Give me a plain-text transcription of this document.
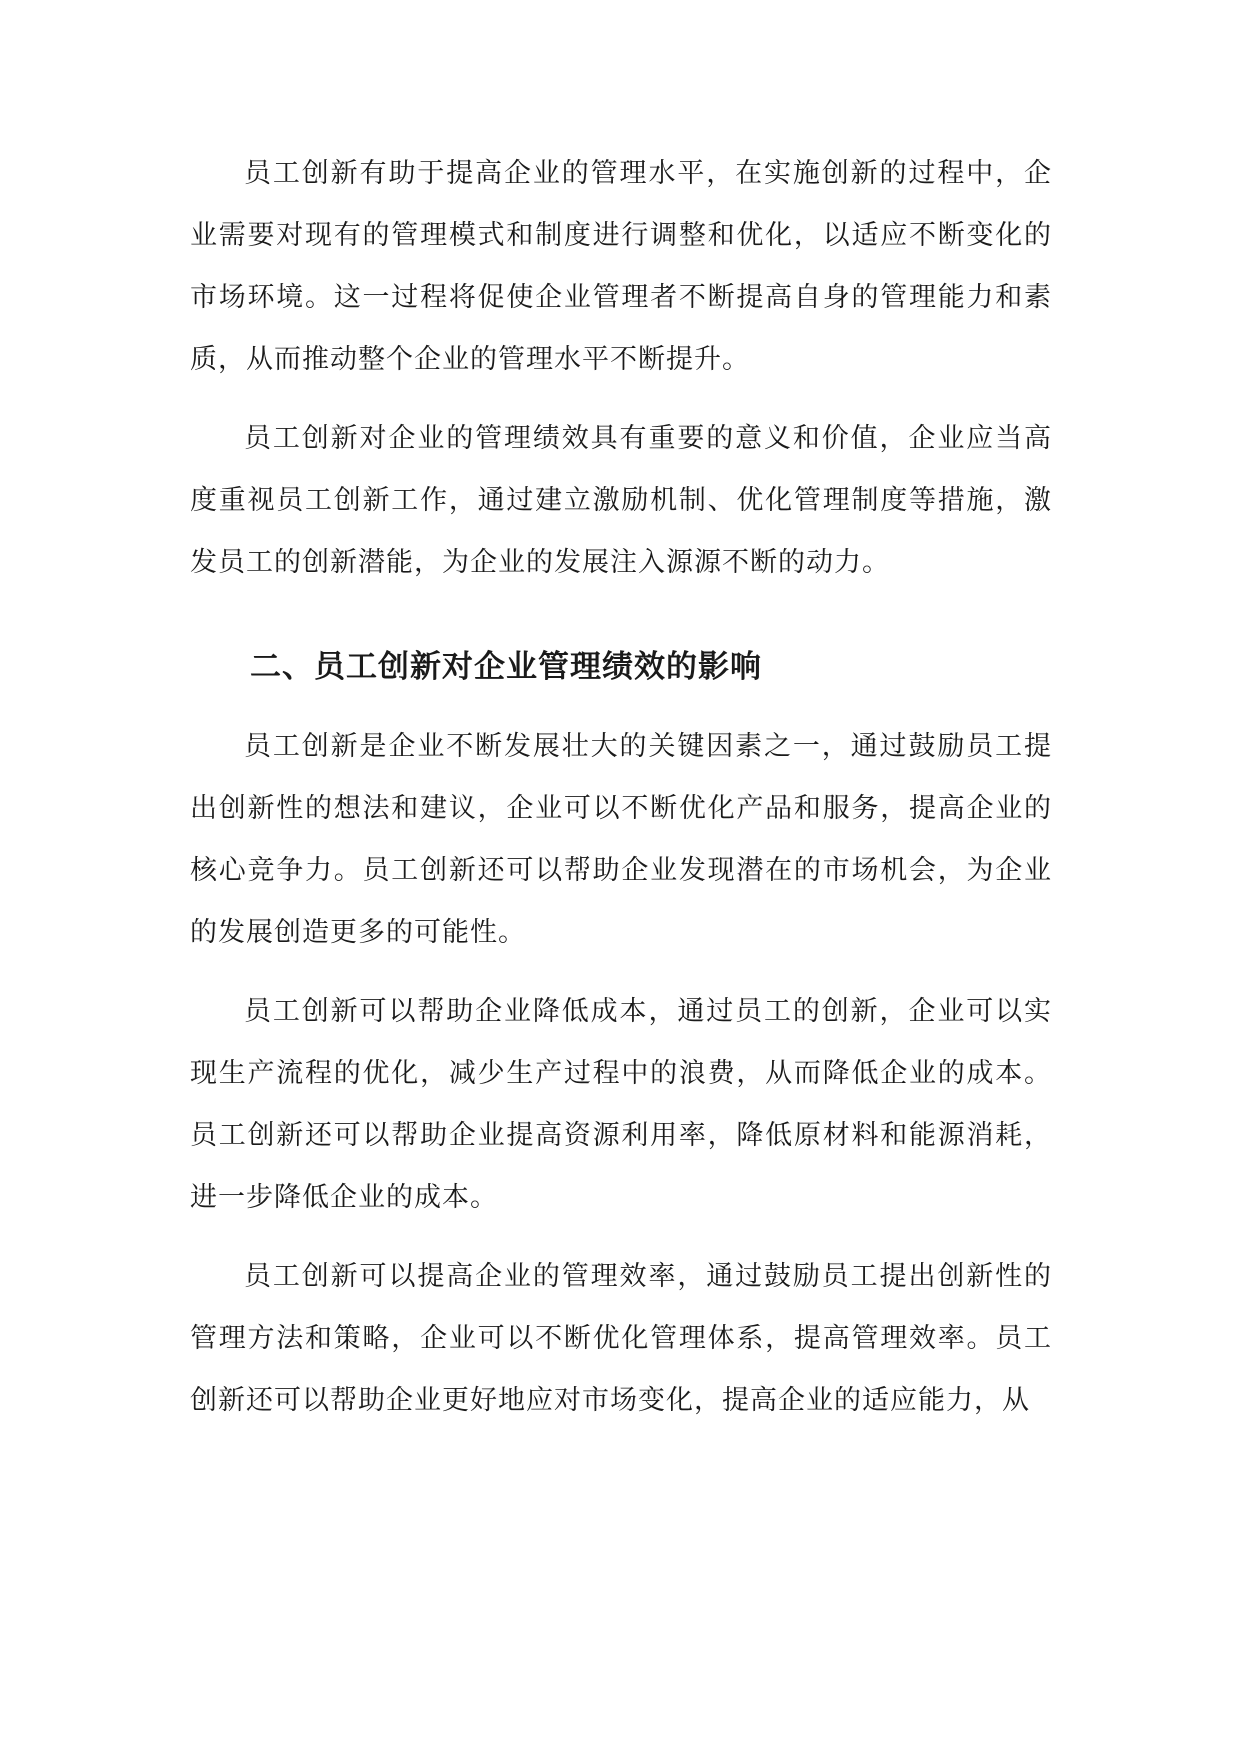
员工创新有助于提高企业的管理水平，在实施创新的过程中，企业需要对现有的管理模式和制度进行调整和优化，以适应不断变化的市场环境。这一过程将促使企业管理者不断提高自身的管理能力和素质，从而推动整个企业的管理水平不断提升。

员工创新对企业的管理绩效具有重要的意义和价值，企业应当高度重视员工创新工作，通过建立激励机制、优化管理制度等措施，激发员工的创新潜能，为企业的发展注入源源不断的动力。

二、员工创新对企业管理绩效的影响

员工创新是企业不断发展壮大的关键因素之一，通过鼓励员工提出创新性的想法和建议，企业可以不断优化产品和服务，提高企业的核心竞争力。员工创新还可以帮助企业发现潜在的市场机会，为企业的发展创造更多的可能性。

员工创新可以帮助企业降低成本，通过员工的创新，企业可以实现生产流程的优化，减少生产过程中的浪费，从而降低企业的成本。员工创新还可以帮助企业提高资源利用率，降低原材料和能源消耗，进一步降低企业的成本。

员工创新可以提高企业的管理效率，通过鼓励员工提出创新性的管理方法和策略，企业可以不断优化管理体系，提高管理效率。员工创新还可以帮助企业更好地应对市场变化，提高企业的适应能力，从
